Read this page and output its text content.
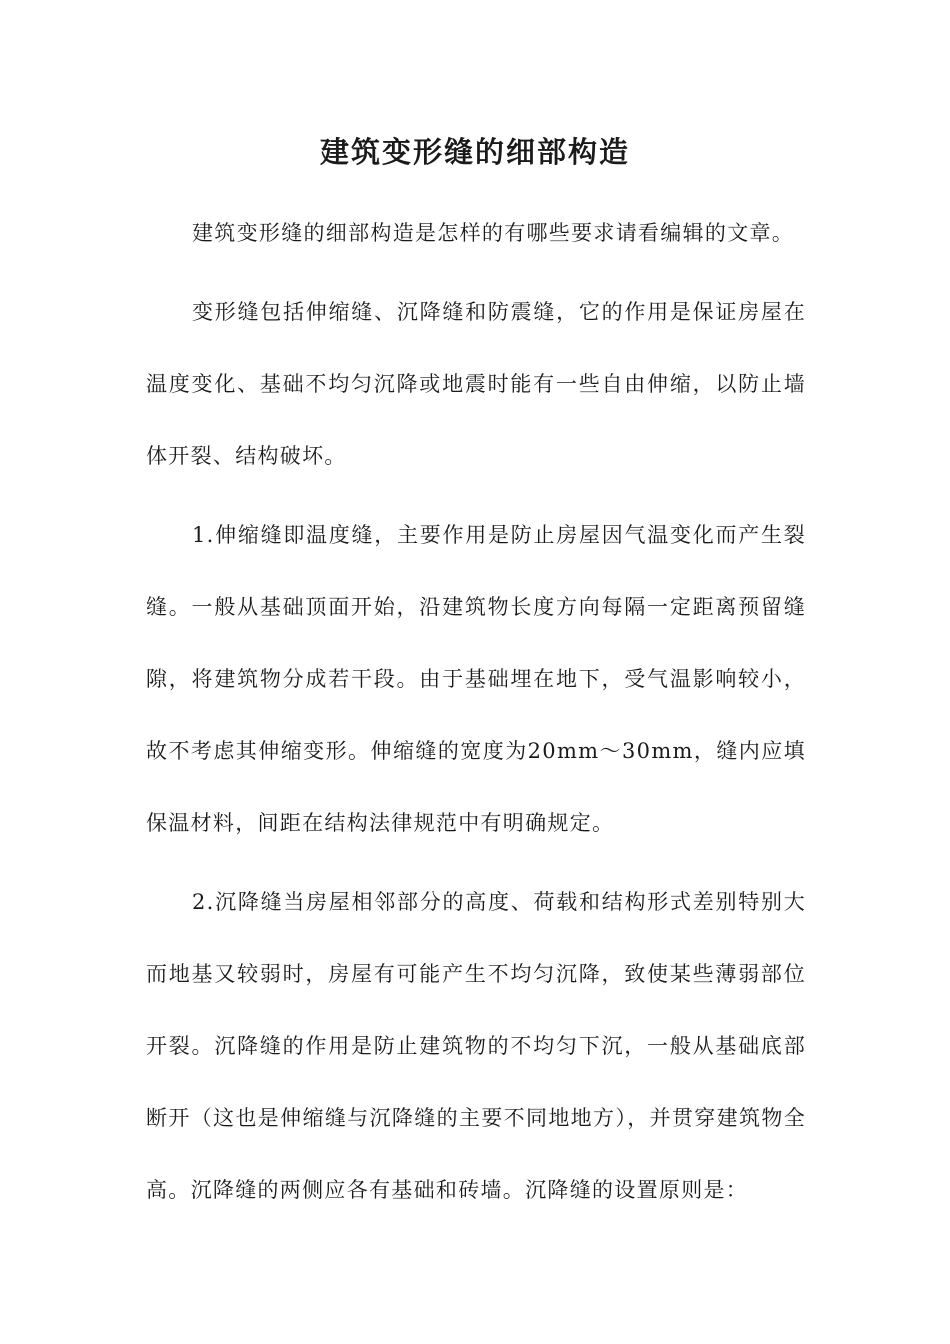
建筑变形缝的细部构造

建筑变形缝的细部构造是怎样的有哪些要求请看编辑的文章。

变形缝包括伸缩缝、沉降缝和防震缝，它的作用是保证房屋在温度变化、基础不均匀沉降或地震时能有一些自由伸缩，以防止墙体开裂、结构破坏。

1.伸缩缝即温度缝，主要作用是防止房屋因气温变化而产生裂缝。一般从基础顶面开始，沿建筑物长度方向每隔一定距离预留缝隙，将建筑物分成若干段。由于基础埋在地下，受气温影响较小，故不考虑其伸缩变形。伸缩缝的宽度为20mm～30mm，缝内应填保温材料，间距在结构法律规范中有明确规定。

2.沉降缝当房屋相邻部分的高度、荷载和结构形式差别特别大而地基又较弱时，房屋有可能产生不均匀沉降，致使某些薄弱部位开裂。沉降缝的作用是防止建筑物的不均匀下沉，一般从基础底部断开（这也是伸缩缝与沉降缝的主要不同地地方），并贯穿建筑物全高。沉降缝的两侧应各有基础和砖墙。沉降缝的设置原则是：
